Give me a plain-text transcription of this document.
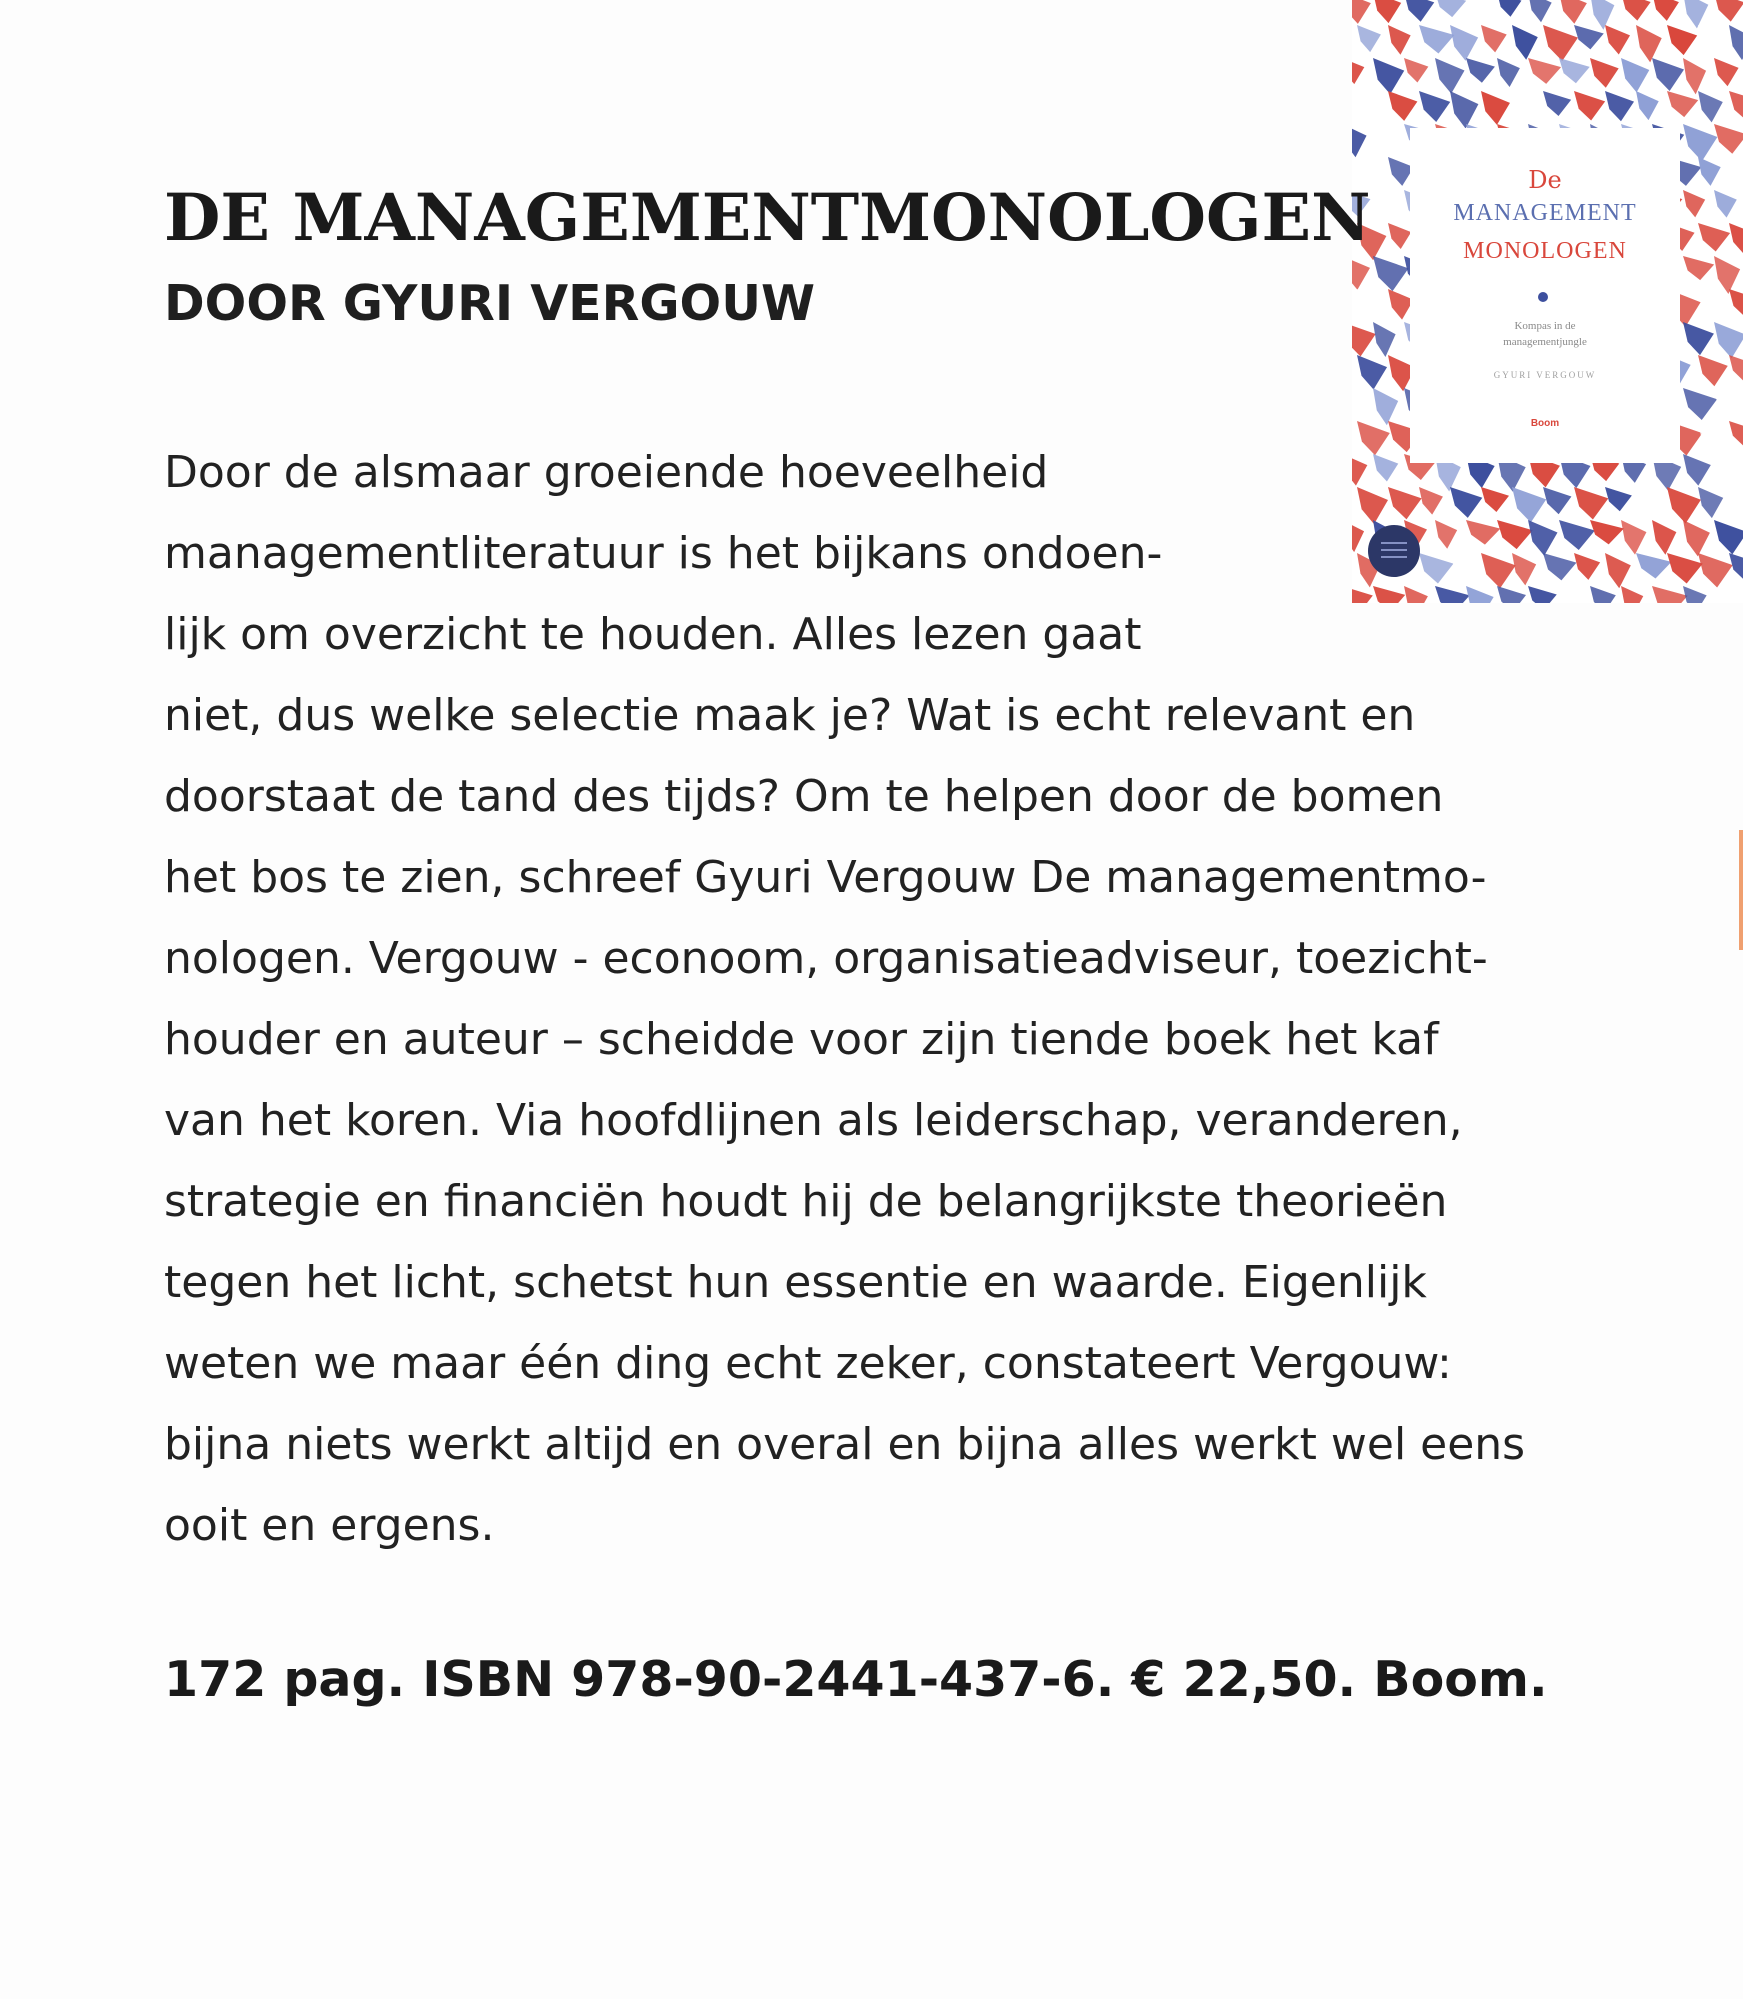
De
MANAGEMENT
MONOLOGEN
Kompas in de
managementjungle
GYURI VERGOUW
Boom
DE MANAGEMENTMONOLOGEN
DOOR GYURI VERGOUW

Door de alsmaar groeiende hoeveelheid
managementliteratuur is het bijkans ondoen-
lijk om overzicht te houden. Alles lezen gaat
niet, dus welke selectie maak je? Wat is echt relevant en
doorstaat de tand des tijds? Om te helpen door de bomen
het bos te zien, schreef Gyuri Vergouw De managementmo-
nologen. Vergouw - econoom, organisatieadviseur, toezicht-
houder en auteur – scheidde voor zijn tiende boek het kaf
van het koren. Via hoofdlijnen als leiderschap, veranderen,
strategie en financiën houdt hij de belangrijkste theorieën
tegen het licht, schetst hun essentie en waarde. Eigenlijk
weten we maar één ding echt zeker, constateert Vergouw:
bijna niets werkt altijd en overal en bijna alles werkt wel eens
ooit en ergens.

172 pag. ISBN 978-90-2441-437-6. € 22,50. Boom.
